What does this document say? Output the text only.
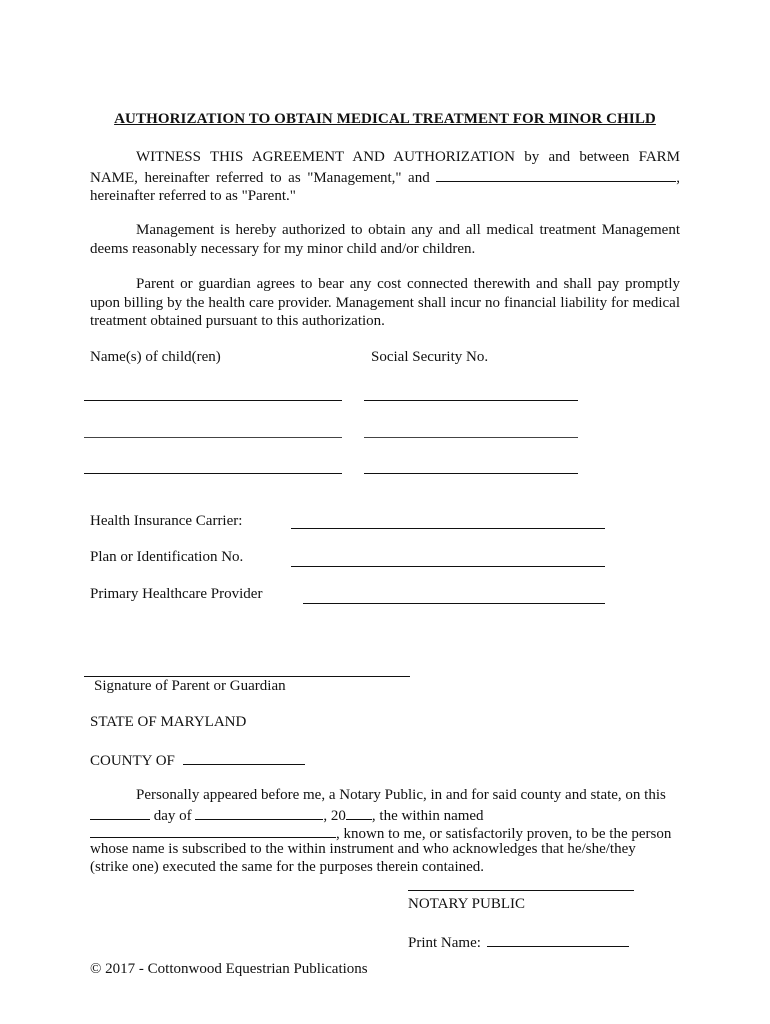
AUTHORIZATION TO OBTAIN MEDICAL TREATMENT FOR MINOR CHILD
WITNESS THIS AGREEMENT AND AUTHORIZATION by and between FARM NAME, hereinafter referred to as "Management," and	, hereinafter referred to as "Parent."
Management is hereby authorized to obtain any and all medical treatment Management deems reasonably necessary for my minor child and/or children.
Parent or guardian agrees to bear any cost connected therewith and shall pay promptly upon billing by the health care provider. Management shall incur no financial liability for medical treatment obtained pursuant to this authorization.
Name(s) of child(ren)	Social Security No.
Health Insurance Carrier:
Plan or Identification No.
Primary Healthcare Provider
Signature of Parent or Guardian
STATE OF MARYLAND
COUNTY OF
Personally appeared before me, a Notary Public, in and for said county and state, on this
day of	, 20 , the within named
, known to me, or satisfactorily proven, to be the person
whose name is subscribed to the within instrument and who acknowledges that he/she/they
(strike one) executed the same for the purposes therein contained.
NOTARY PUBLIC
Print Name:
© 2017 - Cottonwood Equestrian Publications
